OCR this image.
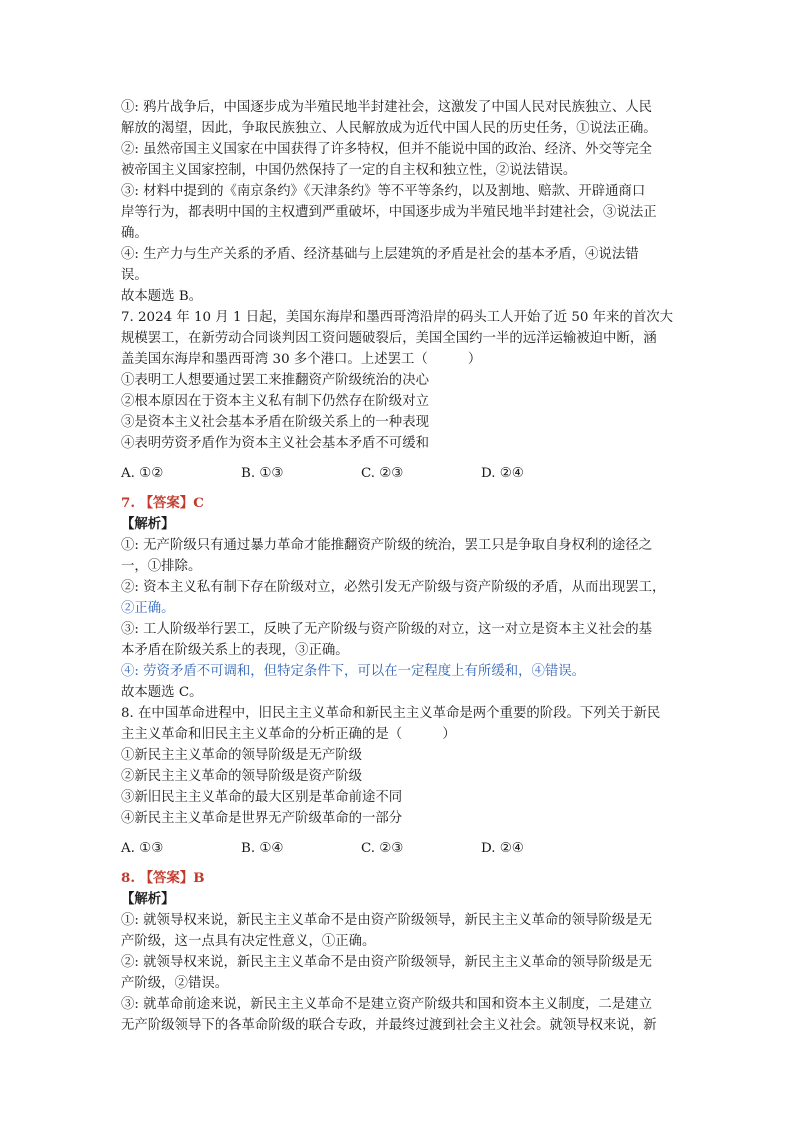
①: 鸦片战争后，中国逐步成为半殖民地半封建社会，这激发了中国人民对民族独立、人民
解放的渴望，因此，争取民族独立、人民解放成为近代中国人民的历史任务，①说法正确。
②: 虽然帝国主义国家在中国获得了许多特权，但并不能说中国的政治、经济、外交等完全
被帝国主义国家控制，中国仍然保持了一定的自主权和独立性，②说法错误。
③: 材料中提到的《南京条约》《天津条约》等不平等条约，以及割地、赔款、开辟通商口
岸等行为，都表明中国的主权遭到严重破坏，中国逐步成为半殖民地半封建社会，③说法正
确。
④: 生产力与生产关系的矛盾、经济基础与上层建筑的矛盾是社会的基本矛盾，④说法错
误。
故本题选 B。
7. 2024 年 10 月 1 日起，美国东海岸和墨西哥湾沿岸的码头工人开始了近 50 年来的首次大
规模罢工，在新劳动合同谈判因工资问题破裂后，美国全国约一半的远洋运输被迫中断，涵
盖美国东海岸和墨西哥湾 30 多个港口。上述罢工（　　　）
①表明工人想要通过罢工来推翻资产阶级统治的决心
②根本原因在于资本主义私有制下仍然存在阶级对立
③是资本主义社会基本矛盾在阶级关系上的一种表现
④表明劳资矛盾作为资本主义社会基本矛盾不可缓和
A. ①②	B. ①③	C. ②③	D. ②④
7. 【答案】C
【解析】
①: 无产阶级只有通过暴力革命才能推翻资产阶级的统治，罢工只是争取自身权利的途径之
一，①排除。
②: 资本主义私有制下存在阶级对立，必然引发无产阶级与资产阶级的矛盾，从而出现罢工，
②正确。
③: 工人阶级举行罢工，反映了无产阶级与资产阶级的对立，这一对立是资本主义社会的基
本矛盾在阶级关系上的表现，③正确。
④: 劳资矛盾不可调和，但特定条件下，可以在一定程度上有所缓和，④错误。
故本题选 C。
8. 在中国革命进程中，旧民主主义革命和新民主主义革命是两个重要的阶段。下列关于新民
主主义革命和旧民主主义革命的分析正确的是（　　　）
①新民主主义革命的领导阶级是无产阶级
②新民主主义革命的领导阶级是资产阶级
③新旧民主主义革命的最大区别是革命前途不同
④新民主主义革命是世界无产阶级革命的一部分
A. ①③	B. ①④	C. ②③	D. ②④
8. 【答案】B
【解析】
①: 就领导权来说，新民主主义革命不是由资产阶级领导，新民主主义革命的领导阶级是无
产阶级，这一点具有决定性意义，①正确。
②: 就领导权来说，新民主主义革命不是由资产阶级领导，新民主主义革命的领导阶级是无
产阶级，②错误。
③: 就革命前途来说，新民主主义革命不是建立资产阶级共和国和资本主义制度，二是建立
无产阶级领导下的各革命阶级的联合专政，并最终过渡到社会主义社会。就领导权来说，新
